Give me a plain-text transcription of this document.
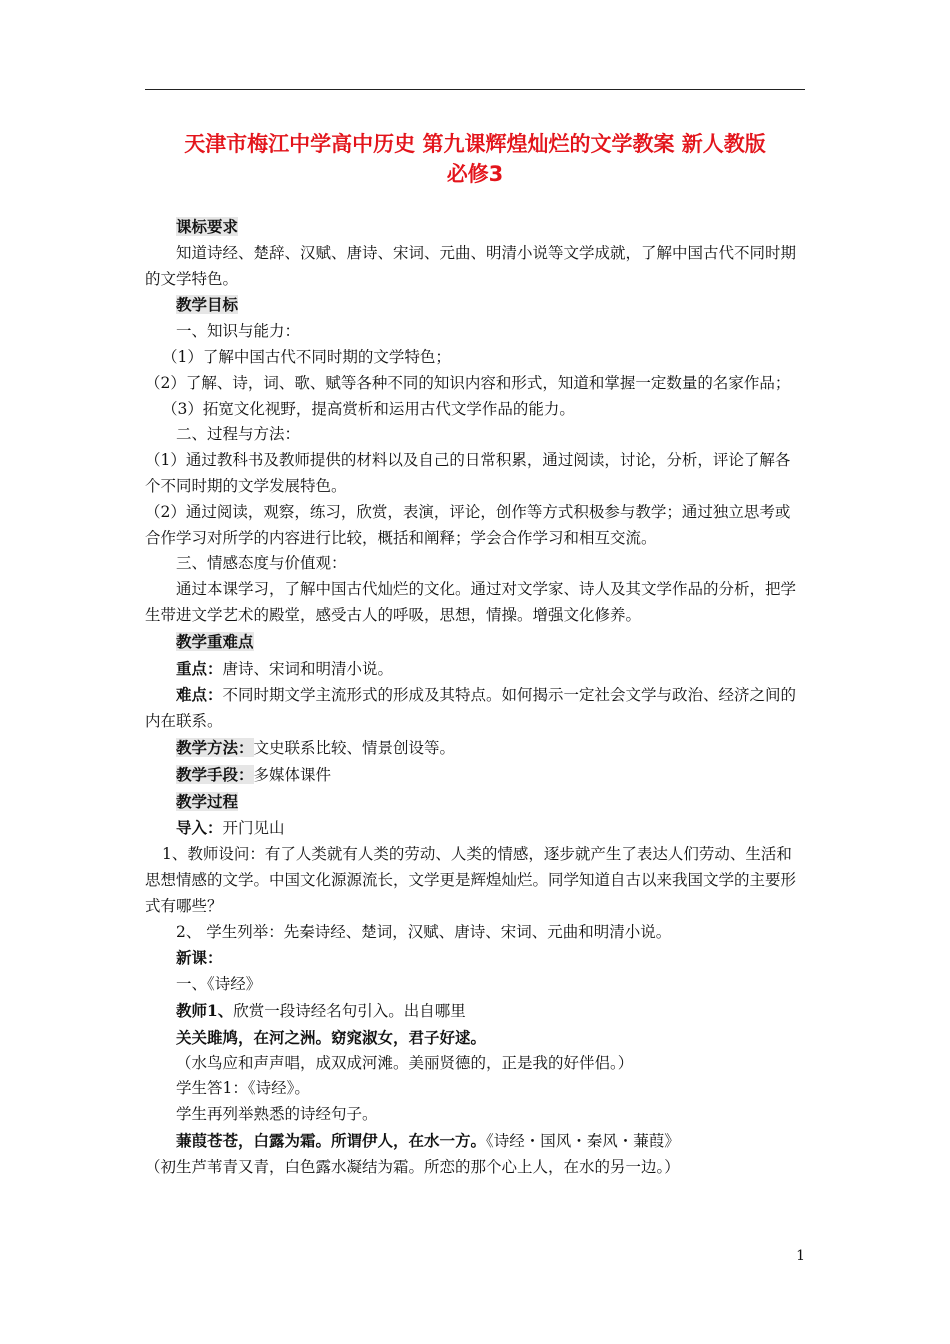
天津市梅江中学高中历史 第九课辉煌灿烂的文学教案 新人教版
必修3

课标要求

知道诗经、楚辞、汉赋、唐诗、宋词、元曲、明清小说等文学成就，了解中国古代不同时期的文学特色。

教学目标

一、知识与能力：

（1）了解中国古代不同时期的文学特色；

（2）了解、诗，词、歌、赋等各种不同的知识内容和形式，知道和掌握一定数量的名家作品；

（3）拓宽文化视野，提高赏析和运用古代文学作品的能力。

二、过程与方法：

（1）通过教科书及教师提供的材料以及自己的日常积累，通过阅读，讨论，分析，评论了解各个不同时期的文学发展特色。

（2）通过阅读，观察，练习，欣赏，表演，评论，创作等方式积极参与教学；通过独立思考或合作学习对所学的内容进行比较，概括和阐释；学会合作学习和相互交流。

三、情感态度与价值观：

通过本课学习，了解中国古代灿烂的文化。通过对文学家、诗人及其文学作品的分析，把学生带进文学艺术的殿堂，感受古人的呼吸，思想，情操。增强文化修养。

教学重难点

重点：唐诗、宋词和明清小说。

难点：不同时期文学主流形式的形成及其特点。如何揭示一定社会文学与政治、经济之间的内在联系。

教学方法：文史联系比较、情景创设等。

教学手段：多媒体课件

教学过程

导入：开门见山

1、教师设问：有了人类就有人类的劳动、人类的情感，逐步就产生了表达人们劳动、生活和思想情感的文学。中国文化源源流长，文学更是辉煌灿烂。同学知道自古以来我国文学的主要形式有哪些？

2、 学生列举：先秦诗经、楚词，汉赋、唐诗、宋词、元曲和明清小说。

新课：

一、《诗经》

教师1、欣赏一段诗经名句引入。出自哪里

关关雎鸠，在河之洲。窈窕淑女，君子好逑。

（水鸟应和声声唱，成双成河滩。美丽贤德的，正是我的好伴侣。）

学生答1：《诗经》。

学生再列举熟悉的诗经句子。

蒹葭苍苍，白露为霜。所谓伊人，在水一方。《诗经・国风・秦风・蒹葭》

（初生芦苇青又青，白色露水凝结为霜。所恋的那个心上人，在水的另一边。）

1
